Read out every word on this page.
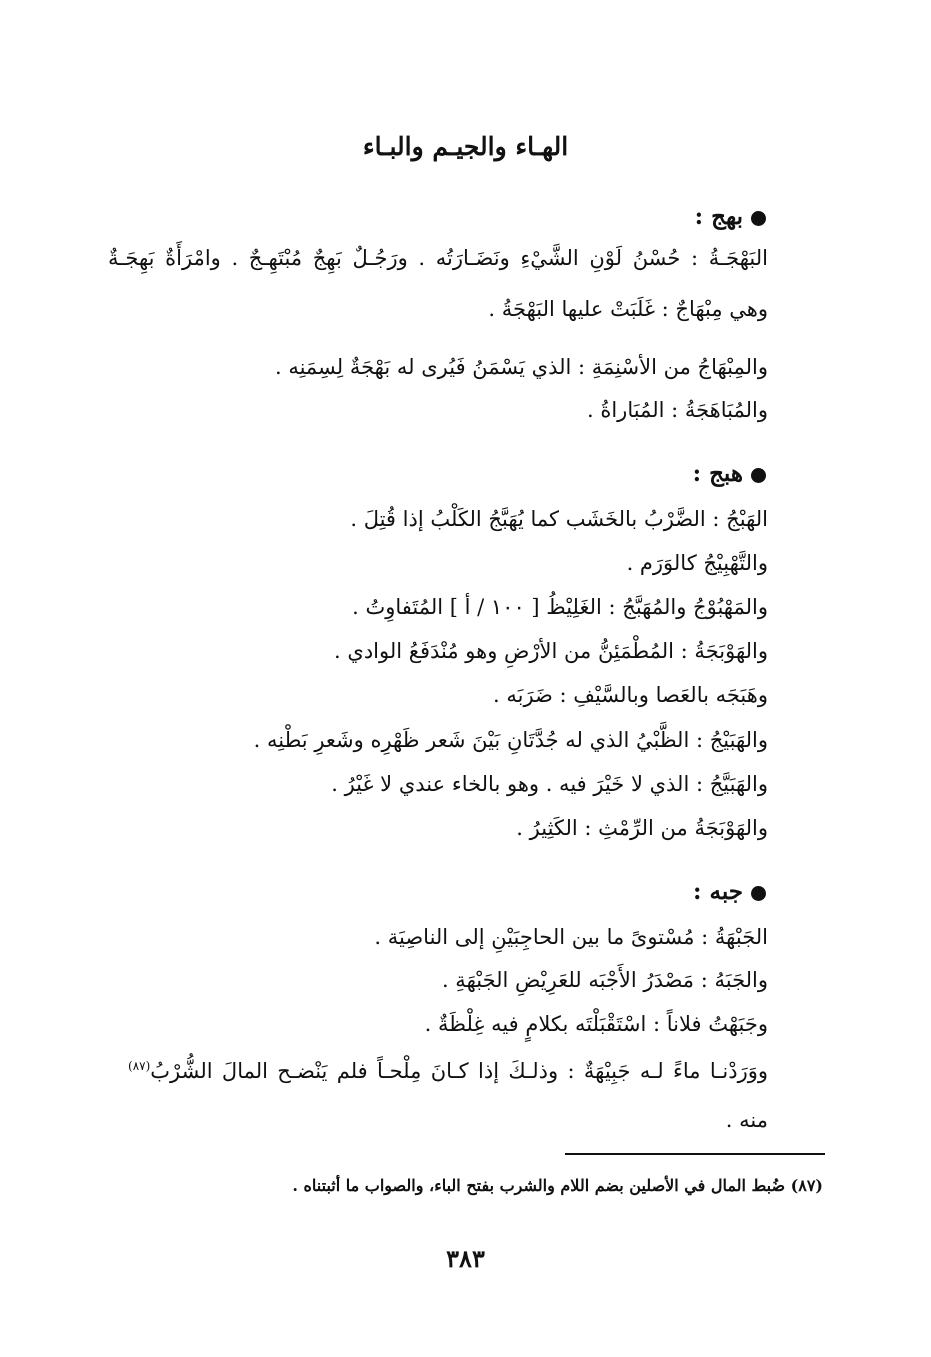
الهـاء والجيـم والبـاء
بهج :
البَهْجَـةُ : حُسْنُ لَوْنِ الشَّيْءِ ونَضَـارَتُه . ورَجُـلٌ بَهِجٌ مُبْتَهِـجٌ . وامْرَأَةٌ بَهِجَـةٌ
وهي مِبْهَاجٌ : غَلَبَتْ عليها البَهْجَةُ .
والمِبْهَاجُ من الأسْنِمَةِ : الذي يَسْمَنُ فَيُرى له بَهْجَةٌ لِسِمَنِه .
والمُبَاهَجَةُ : المُبَاراةُ .
هبج :
الهَبْجُ : الضَّرْبُ بالخَشَب كما يُهَبَّجُ الكَلْبُ إذا قُتِلَ .
والتَّهْبِيْجُ كالوَرَم .
والمَهْبُوْجُ والمُهَبَّجُ : الغَلِيْظُ [ ١٠٠ / أ ] المُتَفاوِتُ .
والهَوْبَجَةُ : المُطْمَئِنُّ من الأرْضِ وهو مُنْدَفَعُ الوادي .
وهَبَجَه بالعَصا وبالسَّيْفِ : ضَرَبَه .
والهَبَيْجُ : الظَّبْيُ الذي له جُدَّتَانِ بَيْنَ شَعر ظَهْرِه وشَعرِ بَطْنِه .
والهَبَيَّجُ : الذي لا خَيْرَ فيه . وهو بالخاء عندي لا غَيْرُ .
والهَوْبَجَةُ من الرِّمْثِ : الكَثِيرُ .
جبه :
الجَبْهَةُ : مُسْتوىً ما بين الحاجِبَيْنِ إلى الناصِيَة .
والجَبَهُ : مَصْدَرُ الأَجْبَه للعَرِيْضِ الجَبْهَةِ .
وجَبَهْتُ فلاناً : اسْتَقْبَلْتَه بكلامٍ فيه غِلْظَةٌ .
ووَرَدْنـا ماءً لـه جَبِيْهَةٌ : وذلـكَ إذا كـانَ مِلْحـاً فلم يَنْضـح المالَ الشُّرْبُ$^{(٨٧)}$
منه .
(٨٧) ضُبط المال في الأصلين بضم اللام والشرب بفتح الباء، والصواب ما أثبتناه .
٣٨٣
